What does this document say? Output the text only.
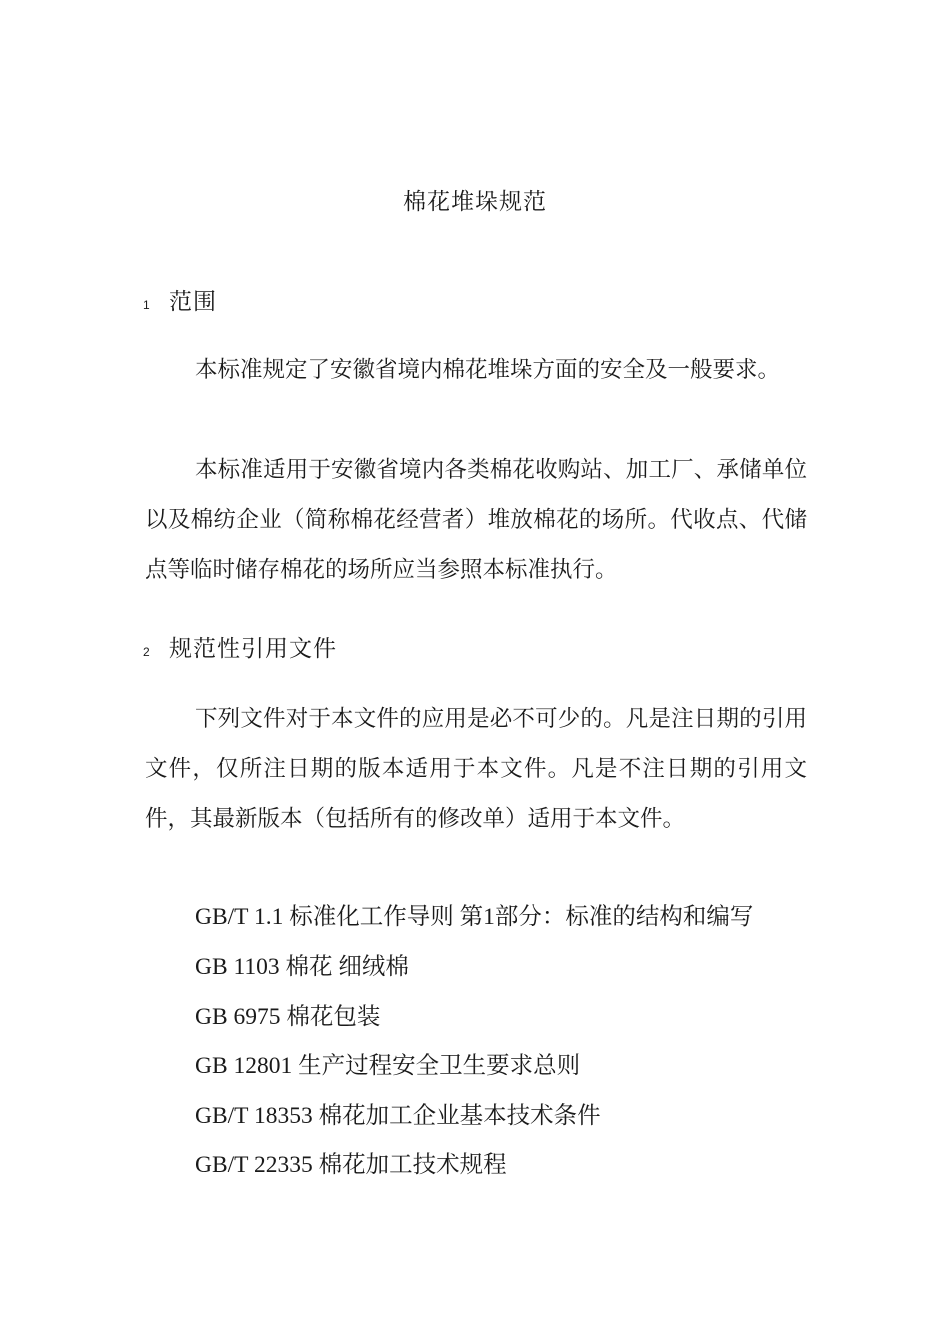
棉花堆垛规范
1 范围

本标准规定了安徽省境内棉花堆垛方面的安全及一般要求。

本标准适用于安徽省境内各类棉花收购站、加工厂、承储单位以及棉纺企业（简称棉花经营者）堆放棉花的场所。代收点、代储点等临时储存棉花的场所应当参照本标准执行。

2 规范性引用文件

下列文件对于本文件的应用是必不可少的。凡是注日期的引用文件，仅所注日期的版本适用于本文件。凡是不注日期的引用文件，其最新版本（包括所有的修改单）适用于本文件。

GB/T 1.1 标准化工作导则 第1部分：标准的结构和编写

GB 1103 棉花 细绒棉

GB 6975 棉花包装

GB 12801 生产过程安全卫生要求总则

GB/T 18353 棉花加工企业基本技术条件

GB/T 22335 棉花加工技术规程
